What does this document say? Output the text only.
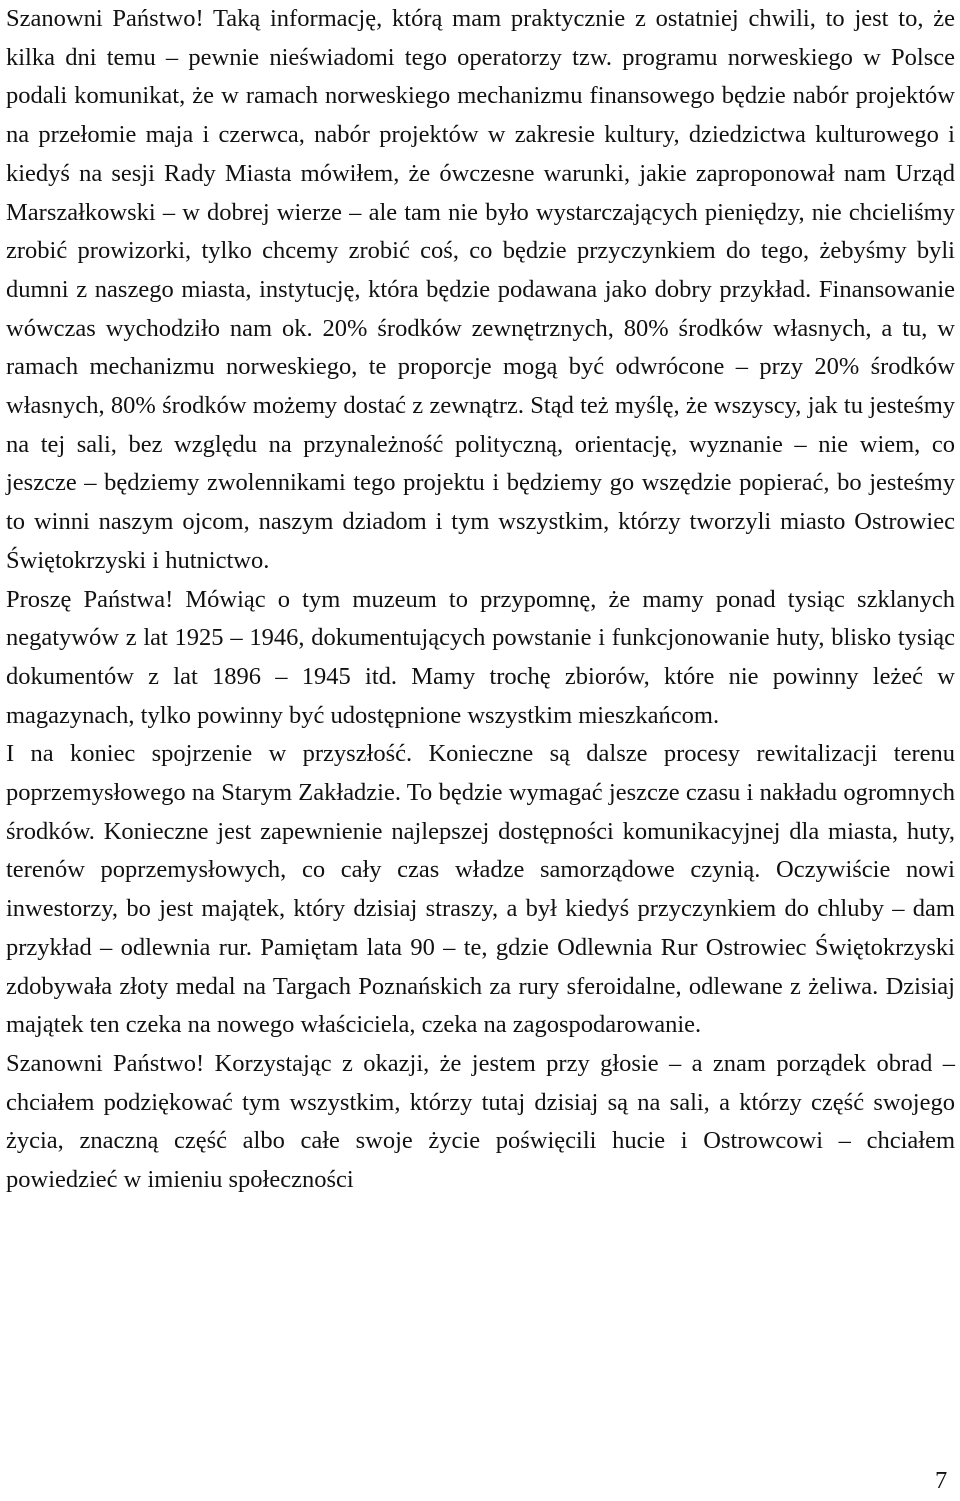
Szanowni Państwo! Taką informację, którą mam praktycznie z ostatniej chwili, to jest to, że kilka dni temu – pewnie nieświadomi tego operatorzy tzw. programu norweskiego w Polsce podali komunikat, że w ramach norweskiego mechanizmu finansowego będzie nabór projektów na przełomie maja i czerwca, nabór projektów w zakresie kultury, dziedzictwa kulturowego i kiedyś na sesji Rady Miasta mówiłem, że ówczesne warunki, jakie zaproponował nam Urząd Marszałkowski – w dobrej wierze – ale tam nie było wystarczających pieniędzy, nie chcieliśmy zrobić prowizorki, tylko chcemy zrobić coś, co będzie przyczynkiem do tego, żebyśmy byli dumni z naszego miasta, instytucję, która będzie podawana jako dobry przykład. Finansowanie wówczas wychodziło nam ok. 20% środków zewnętrznych, 80% środków własnych, a tu, w ramach mechanizmu norweskiego, te proporcje mogą być odwrócone – przy 20% środków własnych, 80% środków możemy dostać z zewnątrz. Stąd też myślę, że wszyscy, jak tu jesteśmy na tej sali, bez względu na przynależność polityczną, orientację, wyznanie – nie wiem, co jeszcze – będziemy zwolennikami tego projektu i będziemy go wszędzie popierać, bo jesteśmy to winni naszym ojcom, naszym dziadom i tym wszystkim, którzy tworzyli miasto Ostrowiec Świętokrzyski i hutnictwo.

Proszę Państwa! Mówiąc o tym muzeum to przypomnę, że mamy ponad tysiąc szklanych negatywów z lat 1925 – 1946, dokumentujących powstanie i funkcjonowanie huty, blisko tysiąc dokumentów z lat 1896 – 1945 itd. Mamy trochę zbiorów, które nie powinny leżeć w magazynach, tylko powinny być udostępnione wszystkim mieszkańcom.

I na koniec spojrzenie w przyszłość. Konieczne są dalsze procesy rewitalizacji terenu poprzemysłowego na Starym Zakładzie. To będzie wymagać jeszcze czasu i nakładu ogromnych środków. Konieczne jest zapewnienie najlepszej dostępności komunikacyjnej dla miasta, huty, terenów poprzemysłowych, co cały czas władze samorządowe czynią. Oczywiście nowi inwestorzy, bo jest majątek, który dzisiaj straszy, a był kiedyś przyczynkiem do chluby – dam przykład – odlewnia rur. Pamiętam lata 90 – te, gdzie Odlewnia Rur Ostrowiec Świętokrzyski zdobywała złoty medal na Targach Poznańskich za rury sferoidalne, odlewane z żeliwa. Dzisiaj majątek ten czeka na nowego właściciela, czeka na zagospodarowanie.

Szanowni Państwo! Korzystając z okazji, że jestem przy głosie – a znam porządek obrad – chciałem podziękować tym wszystkim, którzy tutaj dzisiaj są na sali, a którzy część swojego życia, znaczną część albo całe swoje życie poświęcili hucie i Ostrowcowi – chciałem powiedzieć w imieniu społeczności

7
